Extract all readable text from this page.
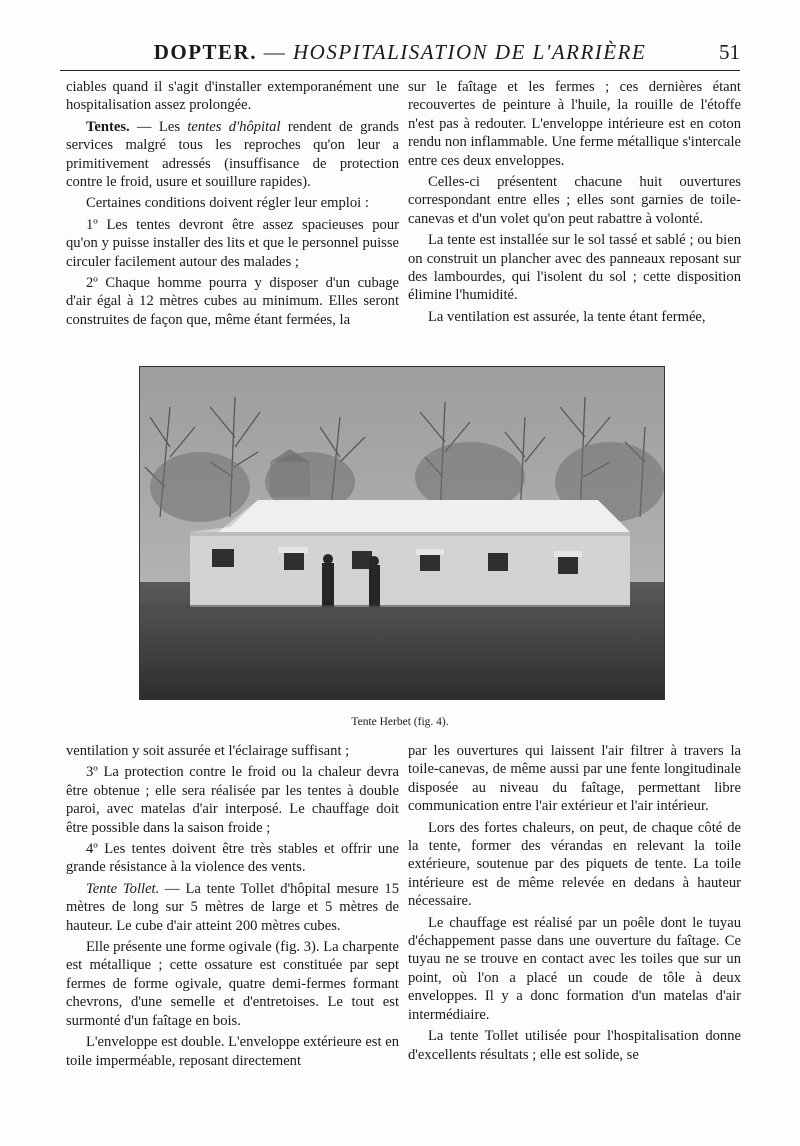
DOPTER. — HOSPITALISATION DE L'ARRIÈRE	51

ciables quand il s'agit d'installer extemporanément une hospitalisation assez prolongée.

Tentes. — Les tentes d'hôpital rendent de grands services malgré tous les reproches qu'on leur a primitivement adressés (insuffisance de protection contre le froid, usure et souillure rapides).

Certaines conditions doivent régler leur emploi :

1º Les tentes devront être assez spacieuses pour qu'on y puisse installer des lits et que le personnel puisse circuler facilement autour des malades ;

2º Chaque homme pourra y disposer d'un cubage d'air égal à 12 mètres cubes au minimum. Elles seront construites de façon que, même étant fermées, la

sur le faîtage et les fermes ; ces dernières étant recouvertes de peinture à l'huile, la rouille de l'étoffe n'est pas à redouter. L'enveloppe intérieure est en coton rendu non inflammable. Une ferme métallique s'intercale entre ces deux enveloppes.

Celles-ci présentent chacune huit ouvertures correspondant entre elles ; elles sont garnies de toile-canevas et d'un volet qu'on peut rabattre à volonté.

La tente est installée sur le sol tassé et sablé ; ou bien on construit un plancher avec des panneaux reposant sur des lambourdes, qui l'isolent du sol ; cette disposition élimine l'humidité.

La ventilation est assurée, la tente étant fermée,

Tente Herbet (fig. 4).

ventilation y soit assurée et l'éclairage suffisant ;

3º La protection contre le froid ou la chaleur devra être obtenue ; elle sera réalisée par les tentes à double paroi, avec matelas d'air interposé. Le chauffage doit être possible dans la saison froide ;

4º Les tentes doivent être très stables et offrir une grande résistance à la violence des vents.

Tente Tollet. — La tente Tollet d'hôpital mesure 15 mètres de long sur 5 mètres de large et 5 mètres de hauteur. Le cube d'air atteint 200 mètres cubes.

Elle présente une forme ogivale (fig. 3). La charpente est métallique ; cette ossature est constituée par sept fermes de forme ogivale, quatre demi-fermes formant chevrons, d'une semelle et d'entretoises. Le tout est surmonté d'un faîtage en bois.

L'enveloppe est double. L'enveloppe extérieure est en toile imperméable, reposant directement

par les ouvertures qui laissent l'air filtrer à travers la toile-canevas, de même aussi par une fente longitudinale disposée au niveau du faîtage, permettant libre communication entre l'air extérieur et l'air intérieur.

Lors des fortes chaleurs, on peut, de chaque côté de la tente, former des vérandas en relevant la toile extérieure, soutenue par des piquets de tente. La toile intérieure est de même relevée en dedans à hauteur nécessaire.

Le chauffage est réalisé par un poêle dont le tuyau d'échappement passe dans une ouverture du faîtage. Ce tuyau ne se trouve en contact avec les toiles que sur un point, où l'on a placé un coude de tôle à deux enveloppes. Il y a donc formation d'un matelas d'air intermédiaire.

La tente Tollet utilisée pour l'hospitalisation donne d'excellents résultats ; elle est solide, se
